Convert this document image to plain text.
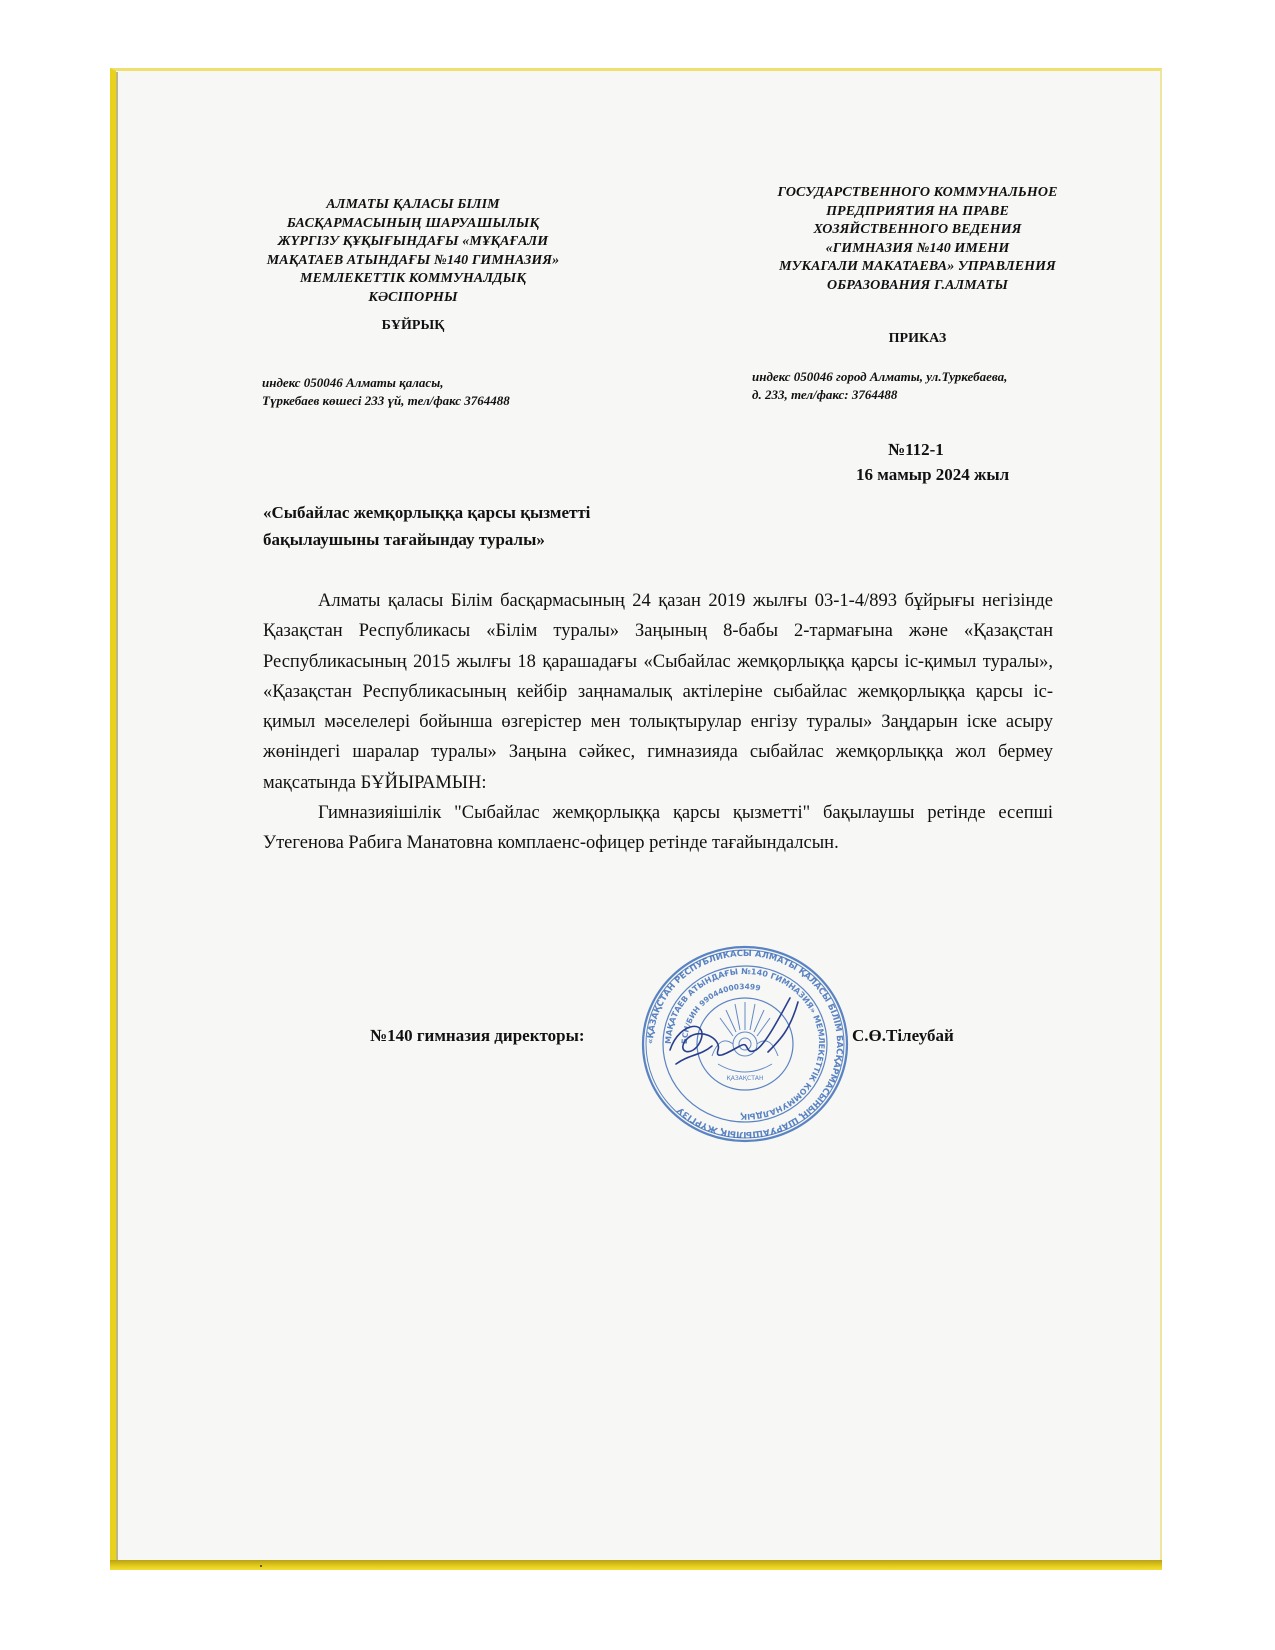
АЛМАТЫ ҚАЛАСЫ БІЛІМ
БАСҚАРМАСЫНЫҢ ШАРУАШЫЛЫҚ
ЖҮРГІЗУ ҚҰҚЫҒЫНДАҒЫ «МҰҚАҒАЛИ
МАҚАТАЕВ АТЫНДАҒЫ №140 ГИМНАЗИЯ»
МЕМЛЕКЕТТІК КОММУНАЛДЫҚ
КӘСІПОРНЫ
БҰЙРЫҚ
индекс 050046 Алматы қаласы,
Түркебаев көшесі 233 үй, тел/факс 3764488
ГОСУДАРСТВЕННОГО КОММУНАЛЬНОЕ
ПРЕДПРИЯТИЯ НА ПРАВЕ
ХОЗЯЙСТВЕННОГО ВЕДЕНИЯ
«ГИМНАЗИЯ №140 ИМЕНИ
МУКАГАЛИ МАКАТАЕВА» УПРАВЛЕНИЯ
ОБРАЗОВАНИЯ Г.АЛМАТЫ
ПРИКАЗ
индекс 050046 город Алматы, ул.Туркебаева,
д. 233, тел/факс: 3764488
№112-1
16 мамыр 2024 жыл
«Сыбайлас жемқорлыққа қарсы қызметті
бақылаушыны тағайындау туралы»

Алматы қаласы Білім басқармасының 24 қазан 2019 жылғы 03-1-4/893 бұйрығы негізінде Қазақстан Республикасы «Білім туралы» Заңының 8-бабы 2-тармағына және «Қазақстан Республикасының 2015 жылғы 18 қарашадағы «Сыбайлас жемқорлыққа қарсы іс-қимыл туралы», «Қазақстан Республикасының кейбір заңнамалық актілеріне сыбайлас жемқорлыққа қарсы іс-қимыл мәселелері бойынша өзгерістер мен толықтырулар енгізу туралы» Заңдарын іске асыру жөніндегі шаралар туралы» Заңына сәйкес, гимназияда сыбайлас жемқорлыққа жол бермеу мақсатында БҰЙЫРАМЫН:

Гимназияішілік "Сыбайлас жемқорлыққа қарсы қызметті" бақылаушы ретінде есепші Утегенова Рабига Манатовна комплаенс-офицер ретінде тағайындалсын.

«ҚАЗАҚСТАН РЕСПУБЛИКАСЫ АЛМАТЫ ҚАЛАСЫ БІЛІМ БАСҚАРМАСЫНЫҢ ШАРУАШЫЛЫҚ ЖҮРГІЗУ
МАҚАТАЕВ АТЫНДАҒЫ №140 ГИМНАЗИЯ» МЕМЛЕКЕТТІК КОММУНАЛДЫҚ
БСН/БИН 990440003499
ҚАЗАҚСТАН
№140 гимназия директоры:	С.Ө.Тілеубай
